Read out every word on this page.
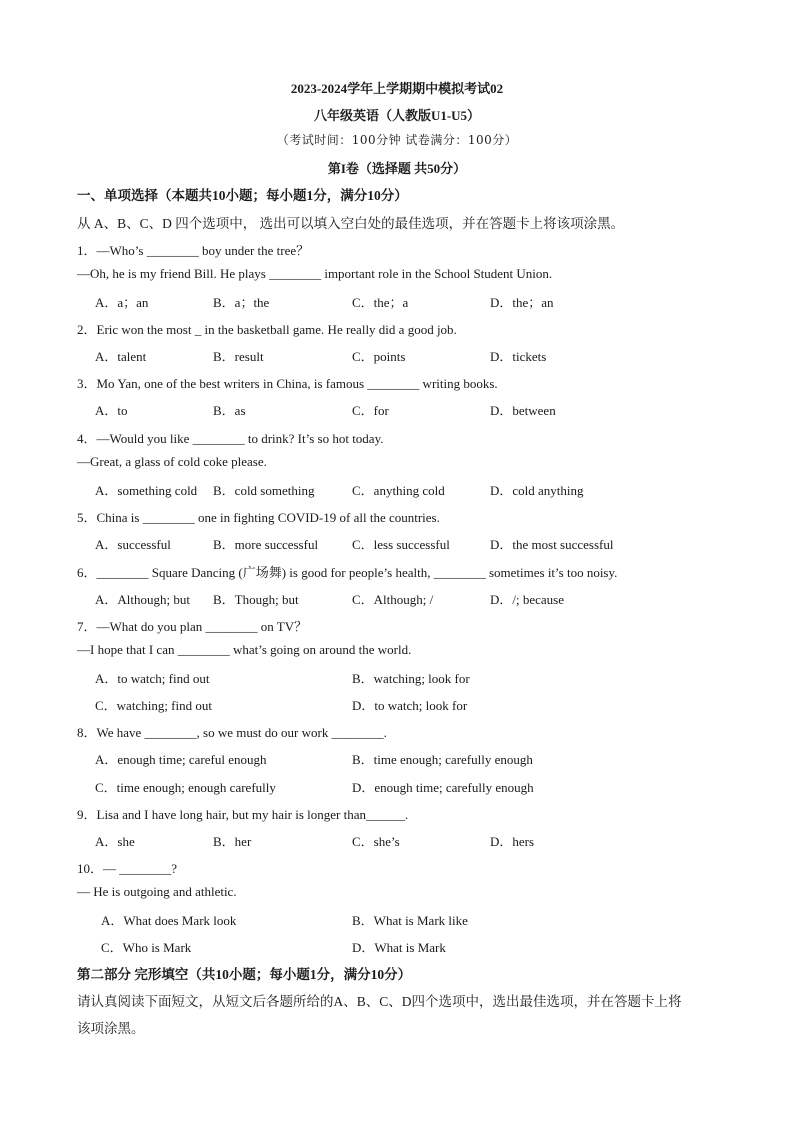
2023-2024学年上学期期中模拟考试02
八年级英语（人教版U1-U5）
（考试时间：100分钟 试卷满分：100分）
第I卷（选择题 共50分）
一、单项选择（本题共10小题；每小题1分，满分10分）
从 A、B、C、D 四个选项中， 选出可以填入空白处的最佳选项，并在答题卡上将该项涂黑。
1．—Who’s ________ boy under the tree？
—Oh, he is my friend Bill. He plays ________ important role in the School Student Union.
A．a；an	B．a；the	C．the；a	D．the；an
2．Eric won the most _ in the basketball game. He really did a good job.
A．talent	B．result	C．points	D．tickets
3．Mo Yan, one of the best writers in China, is famous ________ writing books.
A．to	B．as	C．for	D．between
4．—Would you like ________ to drink? It’s so hot today.
—Great, a glass of cold coke please.
A．something cold B．cold something	C．anything cold	D．cold anything
5．China is ________ one in fighting COVID-19 of all the countries.
A．successful	B．more successful	C．less successful	D．the most successful
6．________ Square Dancing (广场舞) is good for people’s health, ________ sometimes it’s too noisy.
A．Although; but B．Though; but	C．Although; /	D．/; because
7．—What do you plan ________ on TV？
—I hope that I can ________ what’s going on around the world.
A．to watch; find out	B．watching; look for
C．watching; find out	D．to watch; look for
8．We have ________, so we must do our work ________.
A．enough time; careful enough	B．time enough; carefully enough
C．time enough; enough carefully	D．enough time; carefully enough
9．Lisa and I have long hair, but my hair is longer than______.
A．she	B．her	C．she’s	D．hers
10．— ________?
— He is outgoing and athletic.
A．What does Mark look	B．What is Mark like
C．Who is Mark	D．What is Mark
第二部分 完形填空（共10小题；每小题1分，满分10分）
请认真阅读下面短文，从短文后各题所给的A、B、C、D四个选项中，选出最佳选项，并在答题卡上将
该项涂黑。
